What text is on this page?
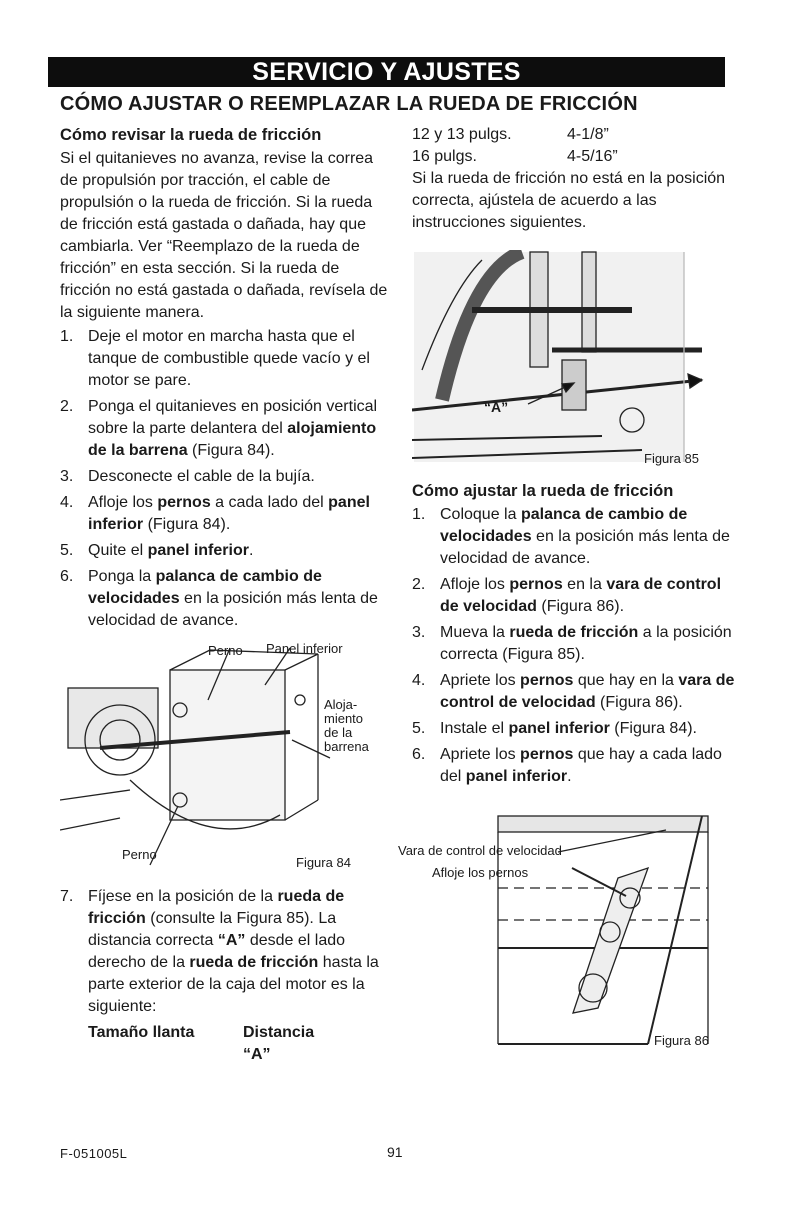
SERVICIO Y AJUSTES
CÓMO AJUSTAR O REEMPLAZAR LA RUEDA DE FRICCIÓN
Cómo revisar la rueda de fricción

Si el quitanieves no avanza, revise la correa de propulsión por tracción, el cable de propulsión o la rueda de fricción. Si la rueda de fricción está gastada o dañada, hay que cambiarla. Ver “Reemplazo de la rueda de fricción” en esta sección. Si la rueda de fricción no está gastada o dañada, revísela de la siguiente manera.

1. Deje el motor en marcha hasta que el tanque de combustible quede vacío y el motor se pare.
2. Ponga el quitanieves en posición vertical sobre la parte delantera del alojamiento de la barrena (Figura 84).
3. Desconecte el cable de la bujía.
4. Afloje los pernos a cada lado del panel inferior (Figura 84).
5. Quite el panel inferior.
6. Ponga la palanca de cambio de velocidades en la posición más lenta de velocidad de avance.
Perno Panel inferior
Aloja- miento de la barrena
Perno
Figura 84
7. Fíjese en la posición de la rueda de fricción (consulte la Figura 85). La distancia correcta “A” desde el lado derecho de la rueda de fricción hasta la parte exterior de la caja del motor es la siguiente:
Tamaño llanta	Distancia “A”
12 y 13 pulgs.	4-1/8”
16 pulgs.	4-5/16”

Si la rueda de fricción no está en la posición correcta, ajústela de acuerdo a las instrucciones siguientes.

“A”
Figura 85
Cómo ajustar la rueda de fricción
1. Coloque la palanca de cambio de velocidades en la posición más lenta de velocidad de avance.
2. Afloje los pernos en la vara de control de velocidad (Figura 86).
3. Mueva la rueda de fricción a la posición correcta (Figura 85).
4. Apriete los pernos que hay en la vara de control de velocidad (Figura 86).
5. Instale el panel inferior (Figura 84).
6. Apriete los pernos que hay a cada lado del panel inferior.
Vara de control de velocidad
Afloje los pernos
Figura 86
F-051005L	91
